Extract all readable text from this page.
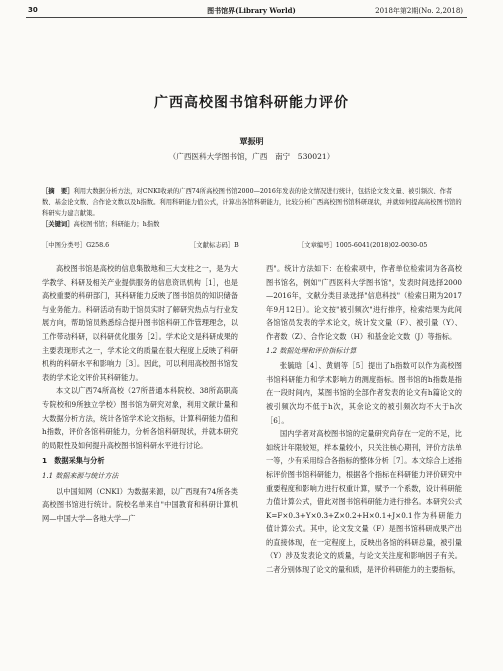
30	图书馆界(Library World)	2018年第2期(No. 2,2018)
广西高校图书馆科研能力评价
覃振明
（广西医科大学图书馆，广西　南宁　530021）

［摘　要］利用大数据分析方法，对CNKI收录的广西74所高校图书馆2000—2016年发表的论文情况进行统计，包括论文发文量、被引频次、作者数、基金论文数、合作论文数以及h指数。利用科研能力值公式，计算出各馆科研能力，比较分析广西高校图书馆科研现状，并就如何提高高校图书馆的科研实力建言献策。

［关键词］高校图书馆；科研能力；h指数

［中图分类号］G258.6	［文献标志码］B	［文章编号］1005-6041(2018)02-0030-05

高校图书馆是高校的信息集散地和三大支柱之一，是为大学教学、科研及相关产业提供服务的信息资讯机构［1］，也是高校重要的科研部门，其科研能力反映了图书馆员的知识储备与业务能力。科研活动有助于馆员实时了解研究热点与行业发展方向，帮助馆员熟悉综合提升图书馆科研工作管理理念，以工作带动科研，以科研优化服务［2］。学术论文是科研成果的主要表现形式之一，学术论文的质量在很大程度上反映了科研机构的科研水平和影响力［3］。因此，可以利用高校图书馆发表的学术论文评价其科研能力。

本文以广西74所高校（27所普通本科院校、38所高职高专院校和9所独立学校）图书馆为研究对象，利用文献计量和大数据分析方法，统计各馆学术论文指标，计算科研能力值和h指数，评价各馆科研能力，分析各馆科研现状，并就本研究的局限性及如何提升高校图书馆科研水平进行讨论。

1　数据采集与分析
1.1 数据来源与统计方法

以中国知网（CNKI）为数据来源，以广西现有74所各类高校图书馆进行统计。院校名单来自"中国教育和科研计算机网—中国大学—各地大学—广

西"。统计方法如下：在检索项中，作者单位检索词为各高校图书馆名，例如"广西医科大学图书馆"，发表时间选择2000—2016年，文献分类目录选择"信息科技"（检索日期为2017年9月12日）。论文按"被引频次"进行排序，检索结果为此间各馆馆员发表的学术论文，统计发文量（F）、被引量（Y）、作者数（Z）、合作论文数（H）和基金论文数（J）等指标。

1.2 数据处理和评价指标计算

张毓晗［4］、黄娟等［5］提出了h指数可以作为高校图书馆科研能力和学术影响力的测度指标。图书馆的h指数是指在一段时间内，某图书馆的全部作者发表的论文有h篇论文的被引频次均不低于h次，其余论文的被引频次均不大于h次［6］。

国内学者对高校图书馆的定量研究尚存在一定的不足，比如统计年限较短，样本量较小，只关注核心期刊，评价方法单一等，少有采用综合各指标的整体分析［7］。本文综合上述指标评价图书馆科研能力，根据各个指标在科研能力评价研究中重要程度和影响力进行权重计算，赋予一个系数，设计科研能力值计算公式，借此对图书馆科研能力进行排名。本研究公式K=F×0.3+Y×0.3+Z×0.2+H×0.1+J×0.1作为科研能力值计算公式。其中，论文发文量（F）是图书馆科研成果产出的直接体现，在一定程度上，反映出各馆的科研总量，被引量（Y）涉及发表论文的质量，与论文关注度和影响因子有关。二者分别体现了论文的量和质，是评价科研能力的主要指标，
